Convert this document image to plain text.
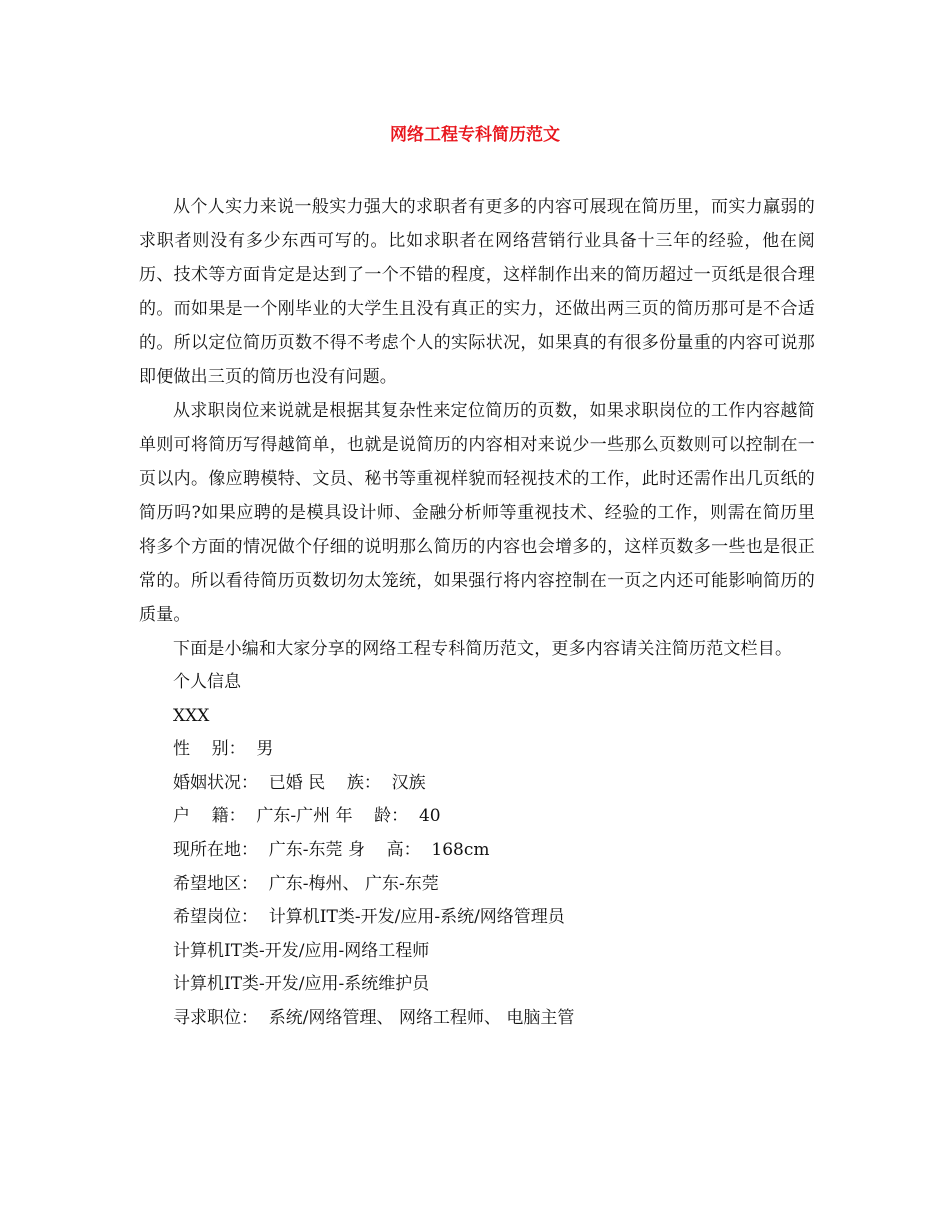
网络工程专科简历范文

从个人实力来说一般实力强大的求职者有更多的内容可展现在简历里，而实力羸弱的求职者则没有多少东西可写的。比如求职者在网络营销行业具备十三年的经验，他在阅历、技术等方面肯定是达到了一个不错的程度，这样制作出来的简历超过一页纸是很合理的。而如果是一个刚毕业的大学生且没有真正的实力，还做出两三页的简历那可是不合适的。所以定位简历页数不得不考虑个人的实际状况，如果真的有很多份量重的内容可说那即便做出三页的简历也没有问题。

从求职岗位来说就是根据其复杂性来定位简历的页数，如果求职岗位的工作内容越简单则可将简历写得越简单，也就是说简历的内容相对来说少一些那么页数则可以控制在一页以内。像应聘模特、文员、秘书等重视样貌而轻视技术的工作，此时还需作出几页纸的简历吗?如果应聘的是模具设计师、金融分析师等重视技术、经验的工作，则需在简历里将多个方面的情况做个仔细的说明那么简历的内容也会增多的，这样页数多一些也是很正常的。所以看待简历页数切勿太笼统，如果强行将内容控制在一页之内还可能影响简历的质量。

下面是小编和大家分享的网络工程专科简历范文，更多内容请关注简历范文栏目。

个人信息

XXX

性    别：  男

婚姻状况：  已婚 民    族：  汉族

户    籍：  广东-广州 年    龄：  40

现所在地：  广东-东莞 身    高：  168cm

希望地区：  广东-梅州、 广东-东莞

希望岗位：  计算机IT类-开发/应用-系统/网络管理员

计算机IT类-开发/应用-网络工程师

计算机IT类-开发/应用-系统维护员

寻求职位：  系统/网络管理、 网络工程师、 电脑主管
